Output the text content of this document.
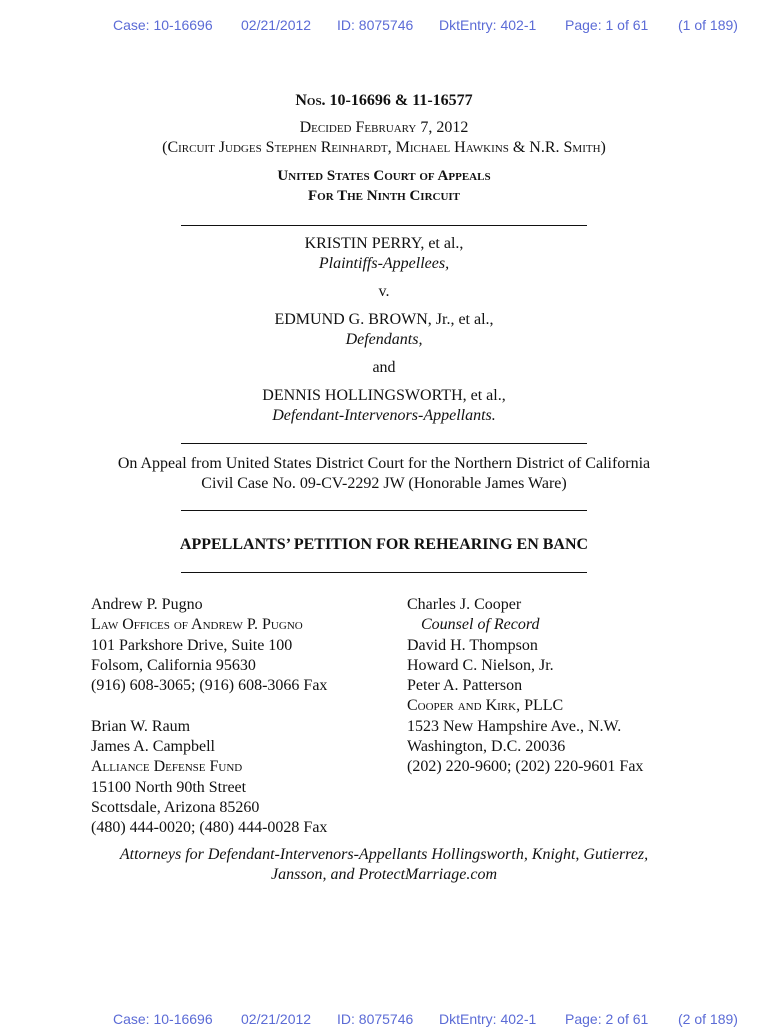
Case: 10-16696 02/21/2012 ID: 8075746 DktEntry: 402-1 Page: 1 of 61 (1 of 189)
Nos. 10-16696 & 11-16577
Decided February 7, 2012
(Circuit Judges Stephen Reinhardt, Michael Hawkins & N.R. Smith)
United States Court of Appeals
For The Ninth Circuit
KRISTIN PERRY, et al.,
Plaintiffs-Appellees,
v.
EDMUND G. BROWN, Jr., et al.,
Defendants,
and
DENNIS HOLLINGSWORTH, et al.,
Defendant-Intervenors-Appellants.
On Appeal from United States District Court for the Northern District of California
Civil Case No. 09-CV-2292 JW (Honorable James Ware)
APPELLANTS’ PETITION FOR REHEARING EN BANC
Andrew P. Pugno
Law Offices of Andrew P. Pugno
101 Parkshore Drive, Suite 100
Folsom, California 95630
(916) 608-3065; (916) 608-3066 Fax
Brian W. Raum
James A. Campbell
Alliance Defense Fund
15100 North 90th Street
Scottsdale, Arizona 85260
(480) 444-0020; (480) 444-0028 Fax
Charles J. Cooper
Counsel of Record
David H. Thompson
Howard C. Nielson, Jr.
Peter A. Patterson
Cooper and Kirk, PLLC
1523 New Hampshire Ave., N.W.
Washington, D.C. 20036
(202) 220-9600; (202) 220-9601 Fax
Attorneys for Defendant-Intervenors-Appellants Hollingsworth, Knight, Gutierrez,
Jansson, and ProtectMarriage.com
Case: 10-16696 02/21/2012 ID: 8075746 DktEntry: 402-1 Page: 2 of 61 (2 of 189)
